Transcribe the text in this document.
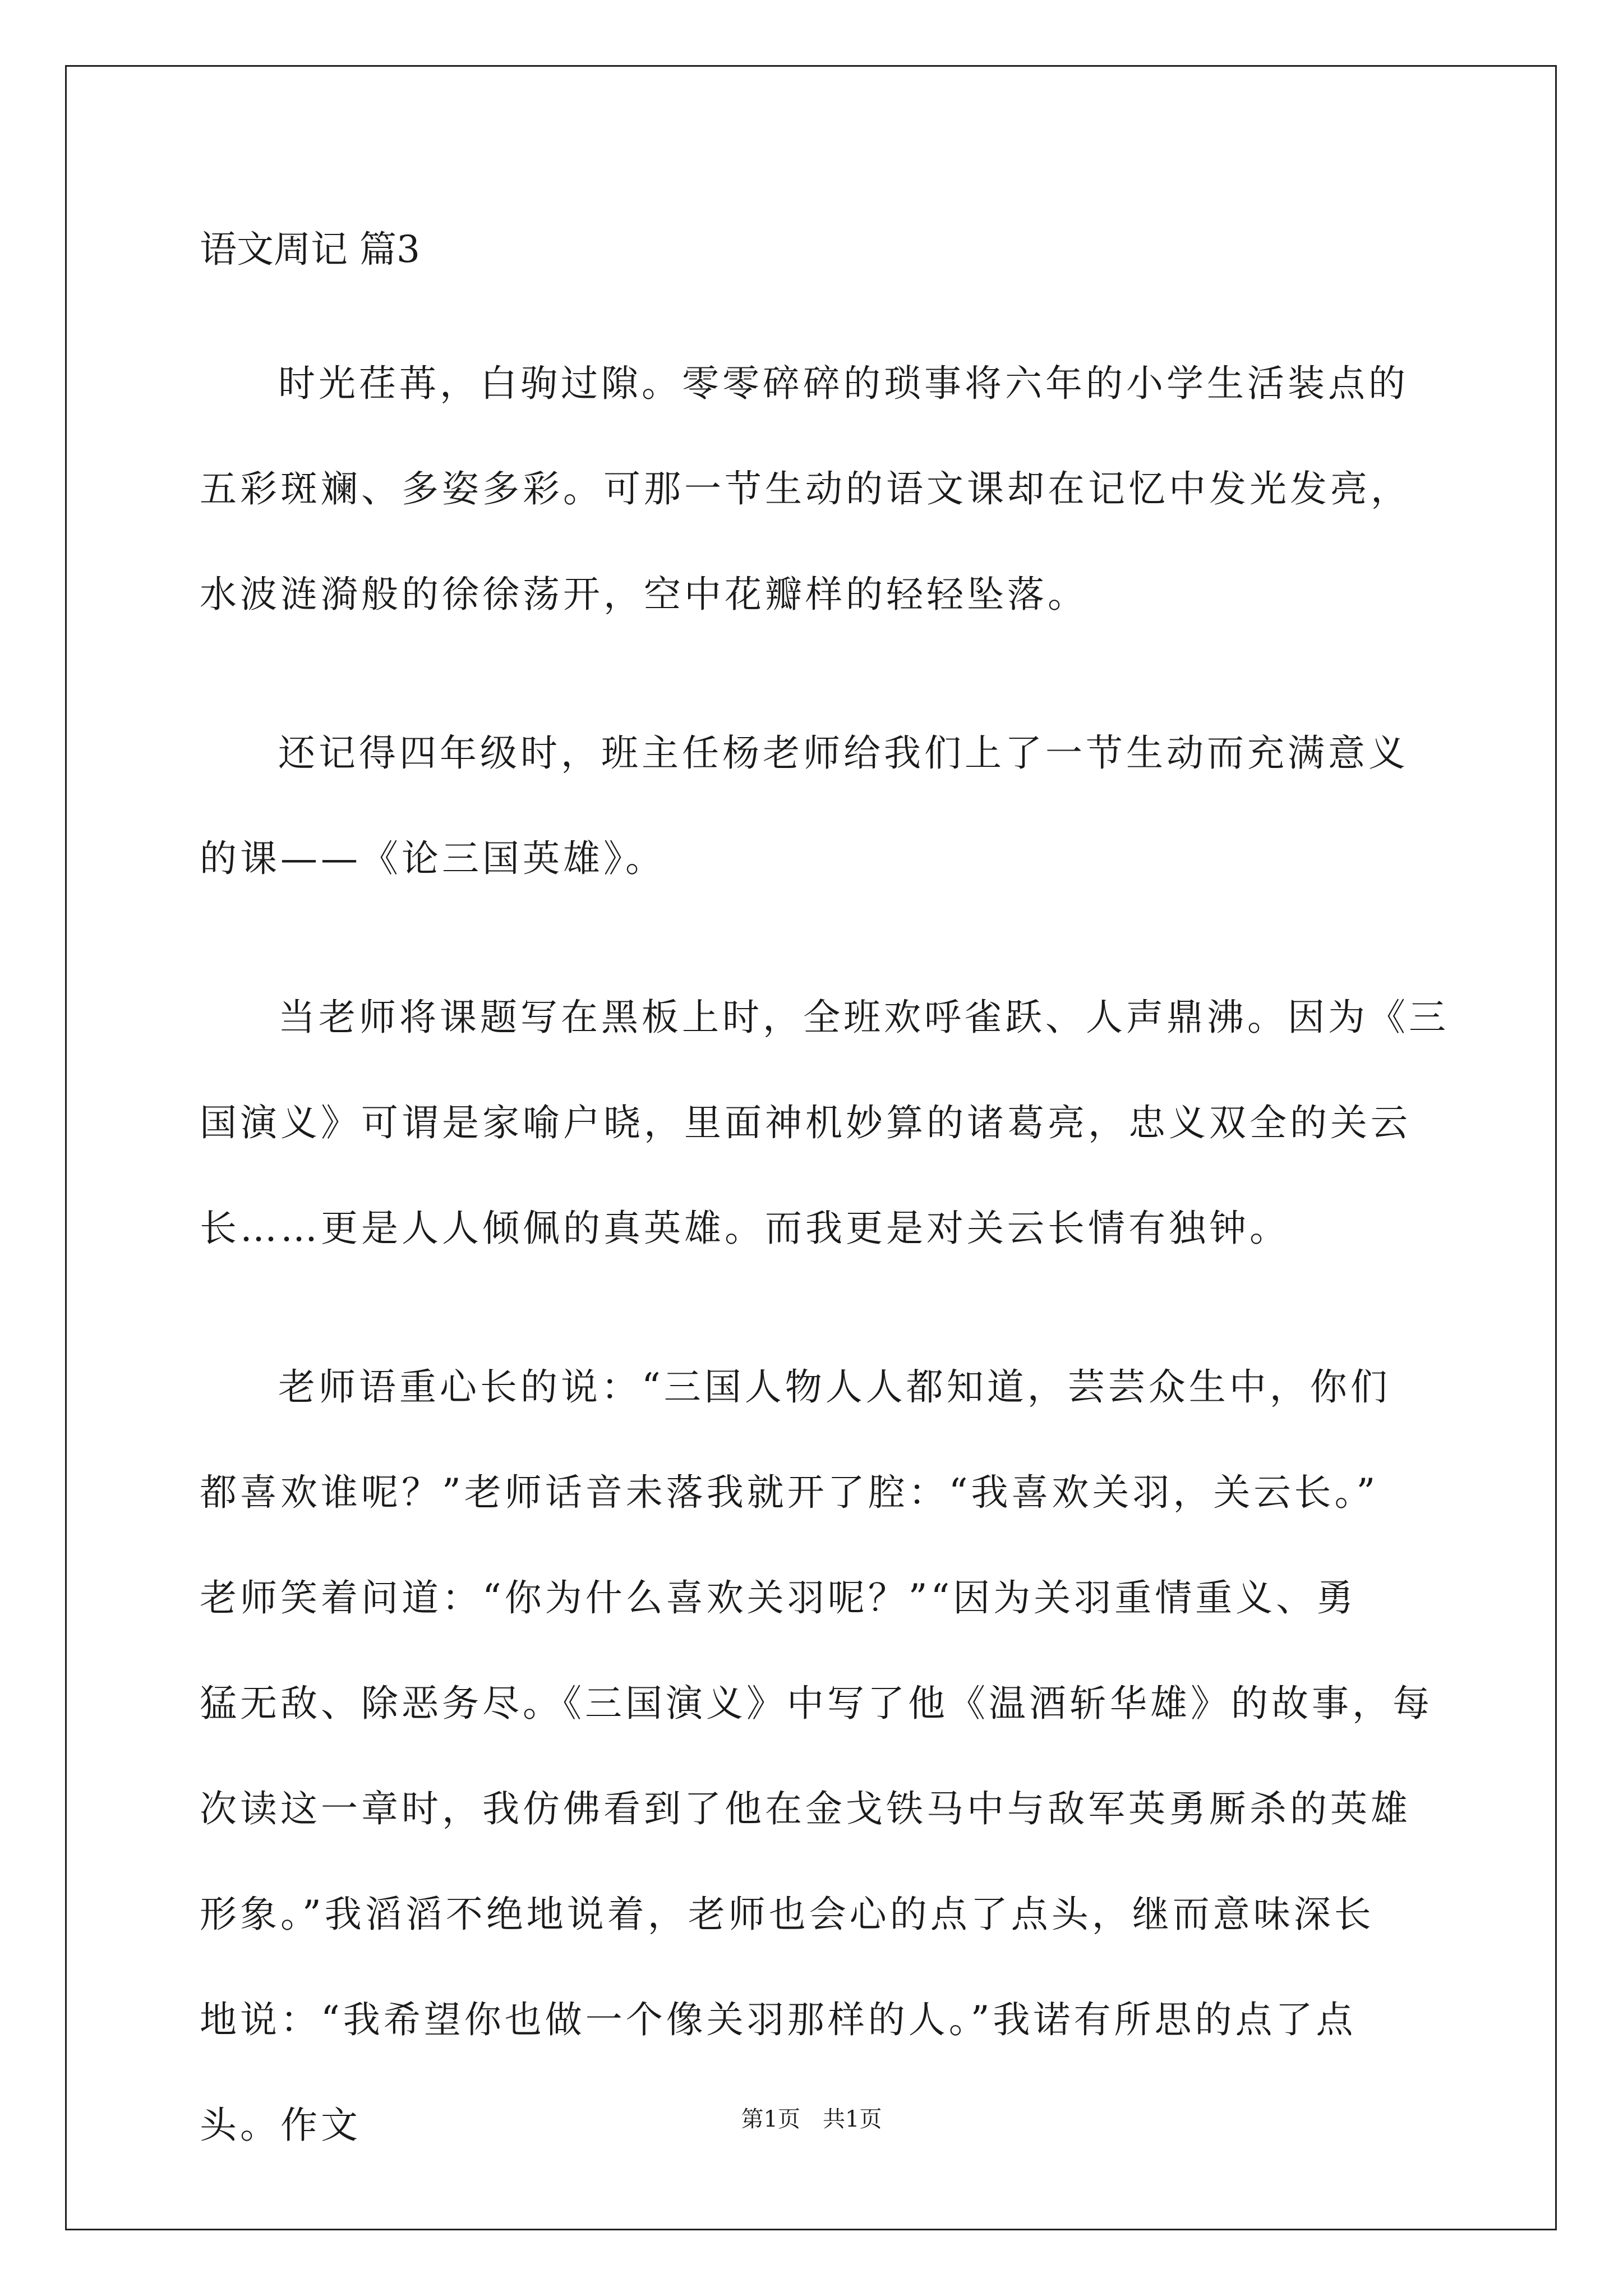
语文周记 篇3

时光荏苒，白驹过隙。零零碎碎的琐事将六年的小学生活装点的
五彩斑斓、多姿多彩。可那一节生动的语文课却在记忆中发光发亮，
水波涟漪般的徐徐荡开，空中花瓣样的轻轻坠落。

还记得四年级时，班主任杨老师给我们上了一节生动而充满意义
的课——《论三国英雄》。

当老师将课题写在黑板上时，全班欢呼雀跃、人声鼎沸。因为《三
国演义》可谓是家喻户晓，里面神机妙算的诸葛亮，忠义双全的关云
长……更是人人倾佩的真英雄。而我更是对关云长情有独钟。

老师语重心长的说：“三国人物人人都知道，芸芸众生中，你们
都喜欢谁呢？”老师话音未落我就开了腔：“我喜欢关羽，关云长。”
老师笑着问道：“你为什么喜欢关羽呢？”“因为关羽重情重义、勇
猛无敌、除恶务尽。《三国演义》中写了他《温酒斩华雄》的故事，每
次读这一章时，我仿佛看到了他在金戈铁马中与敌军英勇厮杀的英雄
形象。”我滔滔不绝地说着，老师也会心的点了点头，继而意味深长
地说：“我希望你也做一个像关羽那样的人。”我诺有所思的点了点
头。作文	第1页　共1页
